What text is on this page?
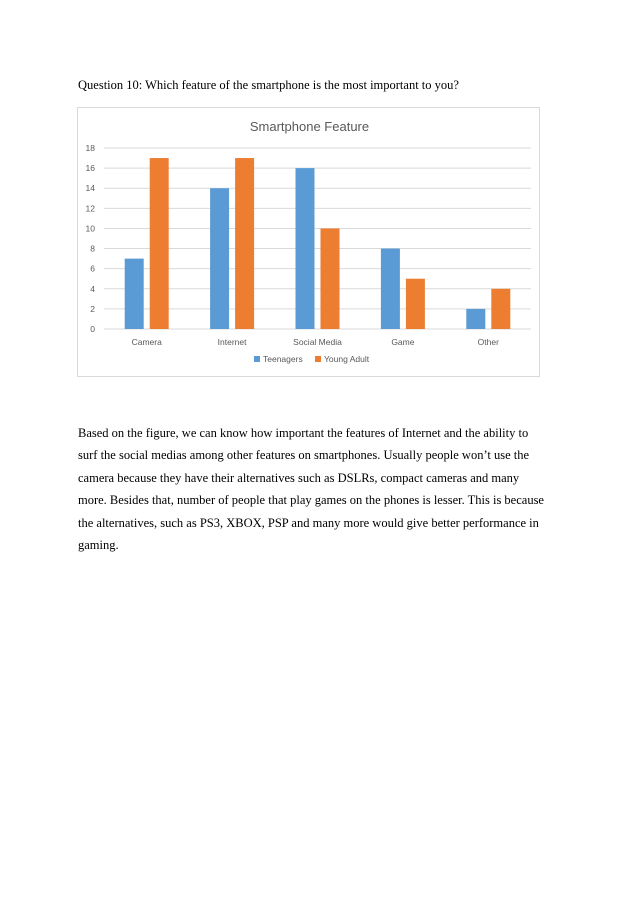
Question 10: Which feature of the smartphone is the most important to you?
Smartphone Feature
0
2
4
6
8
10
12
14
16
18
Camera	Internet	Social Media	Game	Other
Teenagers	Young Adult
Based on the figure, we can know how important the features of Internet and the ability to
surf the social medias among other features on smartphones. Usually people won’t use the
camera because they have their alternatives such as DSLRs, compact cameras and many
more. Besides that, number of people that play games on the phones is lesser. This is because
the alternatives, such as PS3, XBOX, PSP and many more would give better performance in
gaming.
